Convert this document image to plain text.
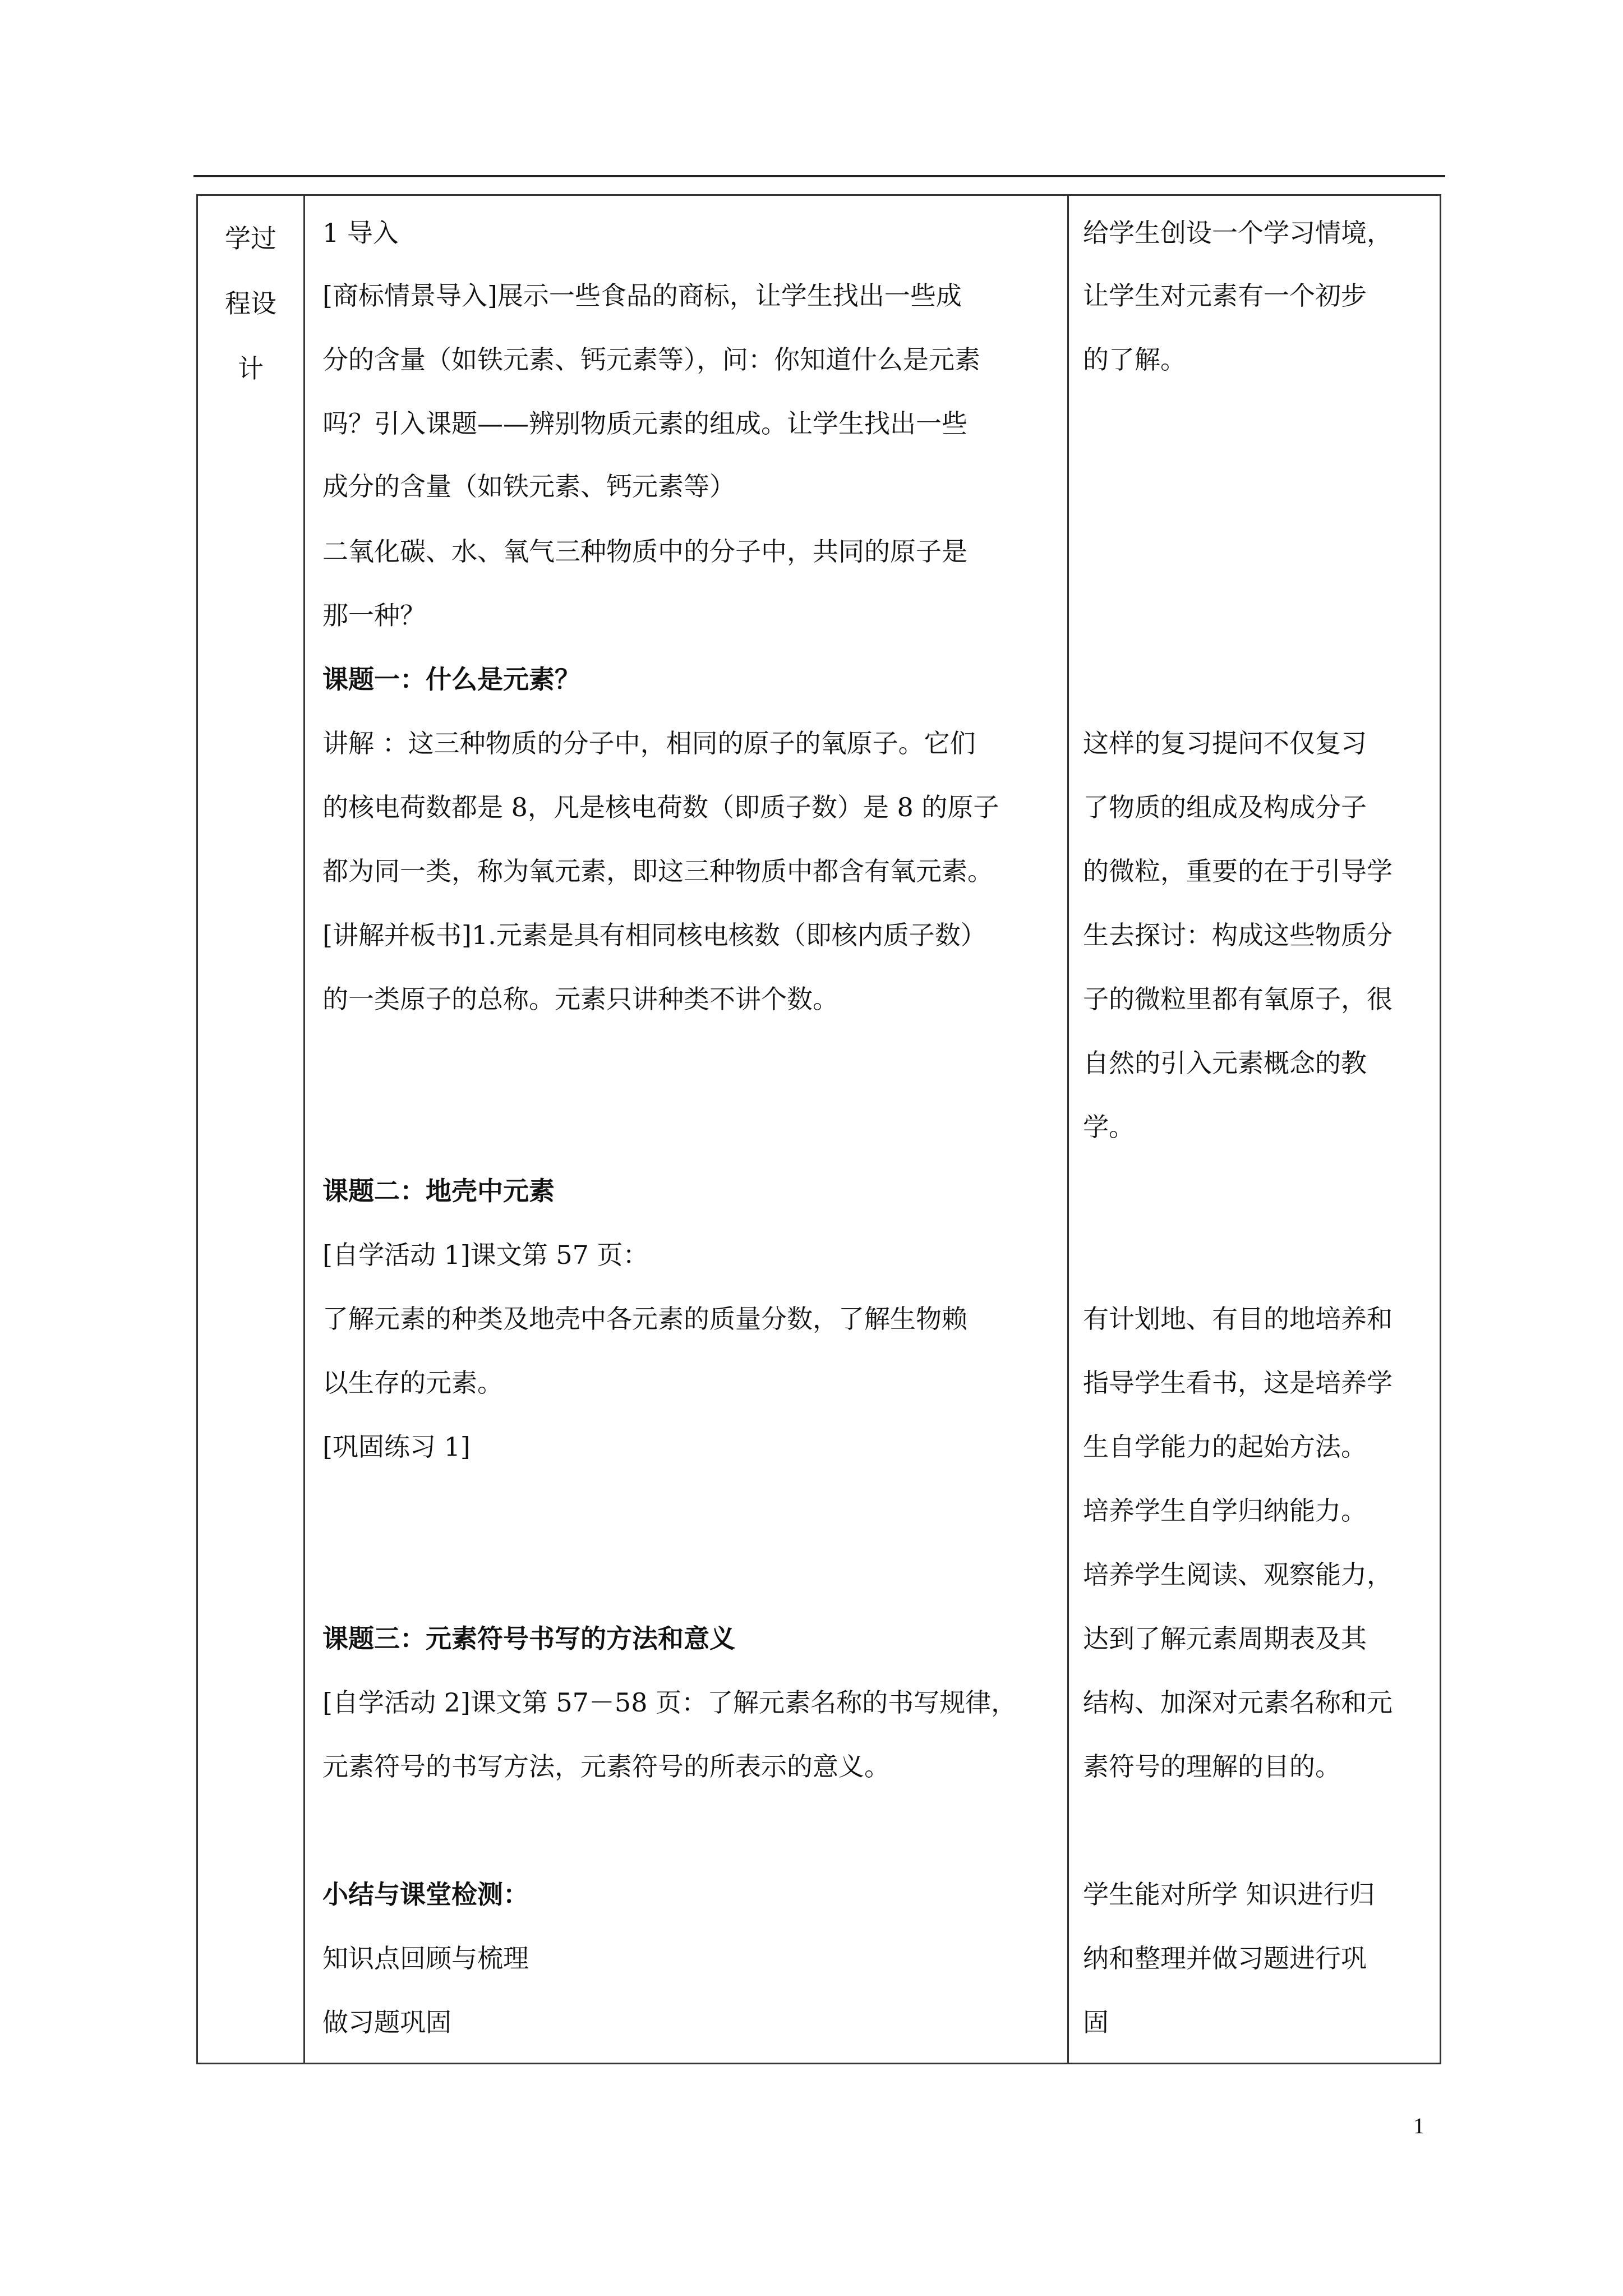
学过
程设
计
1 导入
[商标情景导入]展示一些食品的商标，让学生找出一些成
分的含量（如铁元素、钙元素等），问：你知道什么是元素
吗？引入课题——辨别物质元素的组成。让学生找出一些
成分的含量（如铁元素、钙元素等）
二氧化碳、水、氧气三种物质中的分子中，共同的原子是
那一种？
课题一：什么是元素？
讲解 ：这三种物质的分子中，相同的原子的氧原子。它们
的核电荷数都是 8，凡是核电荷数（即质子数）是 8 的原子
都为同一类，称为氧元素，即这三种物质中都含有氧元素。
[讲解并板书]1.元素是具有相同核电核数（即核内质子数）
的一类原子的总称。元素只讲种类不讲个数。
课题二：地壳中元素
[自学活动 1]课文第 57 页：
了解元素的种类及地壳中各元素的质量分数，了解生物赖
以生存的元素。
[巩固练习 1]
课题三：元素符号书写的方法和意义
[自学活动 2]课文第 57－58 页：了解元素名称的书写规律，
元素符号的书写方法，元素符号的所表示的意义。
小结与课堂检测：
知识点回顾与梳理
做习题巩固
给学生创设一个学习情境，
让学生对元素有一个初步
的了解。
这样的复习提问不仅复习
了物质的组成及构成分子
的微粒，重要的在于引导学
生去探讨：构成这些物质分
子的微粒里都有氧原子，很
自然的引入元素概念的教
学。
有计划地、有目的地培养和
指导学生看书，这是培养学
生自学能力的起始方法。
培养学生自学归纳能力。
培养学生阅读、观察能力，
达到了解元素周期表及其
结构、加深对元素名称和元
素符号的理解的目的。
学生能对所学 知识进行归
纳和整理并做习题进行巩
固
1
